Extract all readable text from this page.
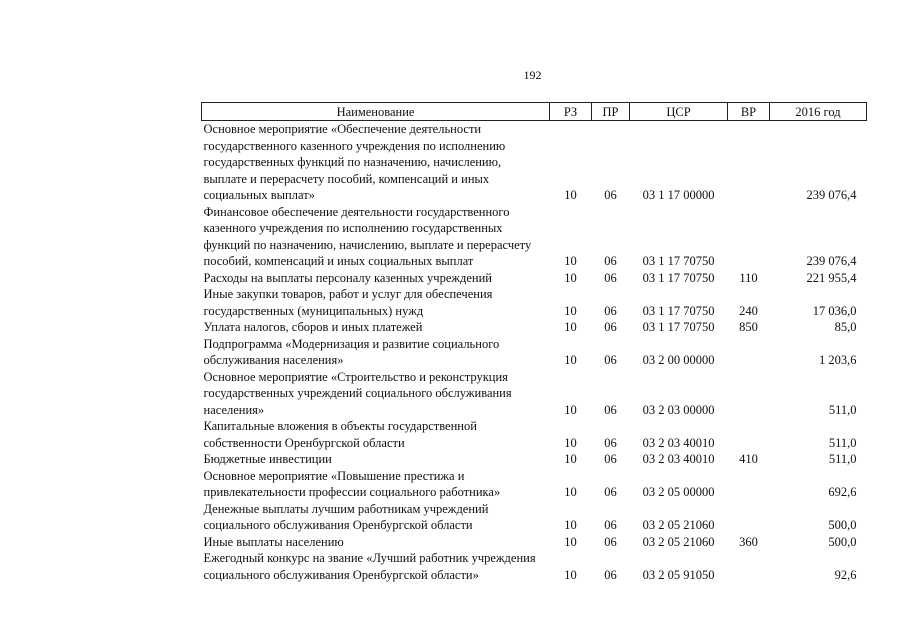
192
Наименование	РЗ	ПР	ЦСР	ВР	2016 год
Основное мероприятие «Обеспечение деятельности государственного казенного учреждения по исполнению государственных функций по назначению, начислению, выплате и перерасчету пособий, компенсаций и иных социальных выплат»	10	06	03 1 17 00000		239 076,4
Финансовое обеспечение деятельности государственного казенного учреждения по исполнению государственных функций по назначению, начислению, выплате и перерасчету пособий, компенсаций и иных социальных выплат	10	06	03 1 17 70750		239 076,4
Расходы на выплаты персоналу казенных учреждений	10	06	03 1 17 70750	110	221 955,4
Иные закупки товаров, работ и услуг для обеспечения государственных (муниципальных) нужд	10	06	03 1 17 70750	240	17 036,0
Уплата налогов, сборов и иных платежей	10	06	03 1 17 70750	850	85,0
Подпрограмма «Модернизация и развитие социального обслуживания населения»	10	06	03 2 00 00000		1 203,6
Основное мероприятие «Строительство и реконструкция государственных учреждений социального обслуживания населения»	10	06	03 2 03 00000		511,0
Капитальные вложения в объекты государственной собственности Оренбургской области	10	06	03 2 03 40010		511,0
Бюджетные инвестиции	10	06	03 2 03 40010	410	511,0
Основное мероприятие «Повышение престижа и привлекательности профессии социального работника»	10	06	03 2 05 00000		692,6
Денежные выплаты лучшим работникам учреждений социального обслуживания Оренбургской области	10	06	03 2 05 21060		500,0
Иные выплаты населению	10	06	03 2 05 21060	360	500,0
Ежегодный конкурс на звание «Лучший работник учреждения социального обслуживания Оренбургской области»	10	06	03 2 05 91050		92,6
